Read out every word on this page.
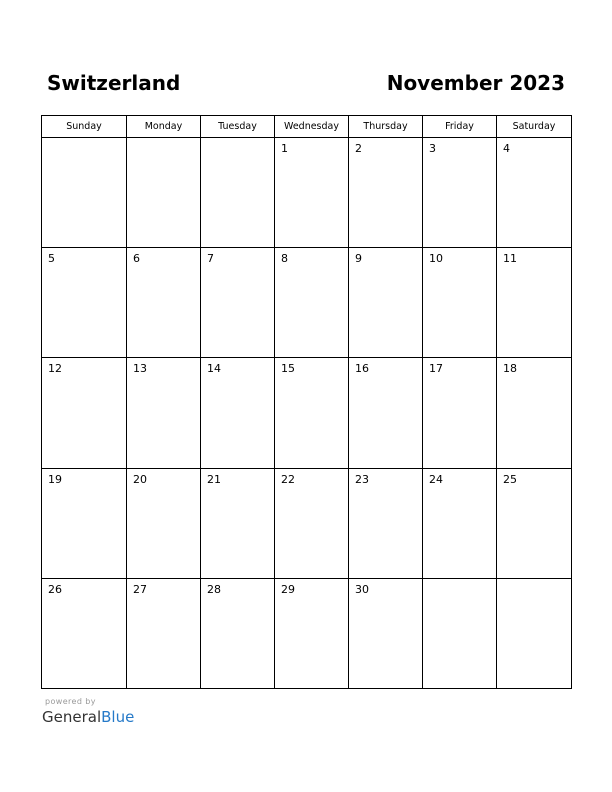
Switzerland	November 2023
Sunday	Monday	Tuesday	Wednesday	Thursday	Friday	Saturday

			1	2	3	4

5	6	7	8	9	10	11

12	13	14	15	16	17	18

19	20	21	22	23	24	25

26	27	28	29	30		

powered by
GeneralBlue
